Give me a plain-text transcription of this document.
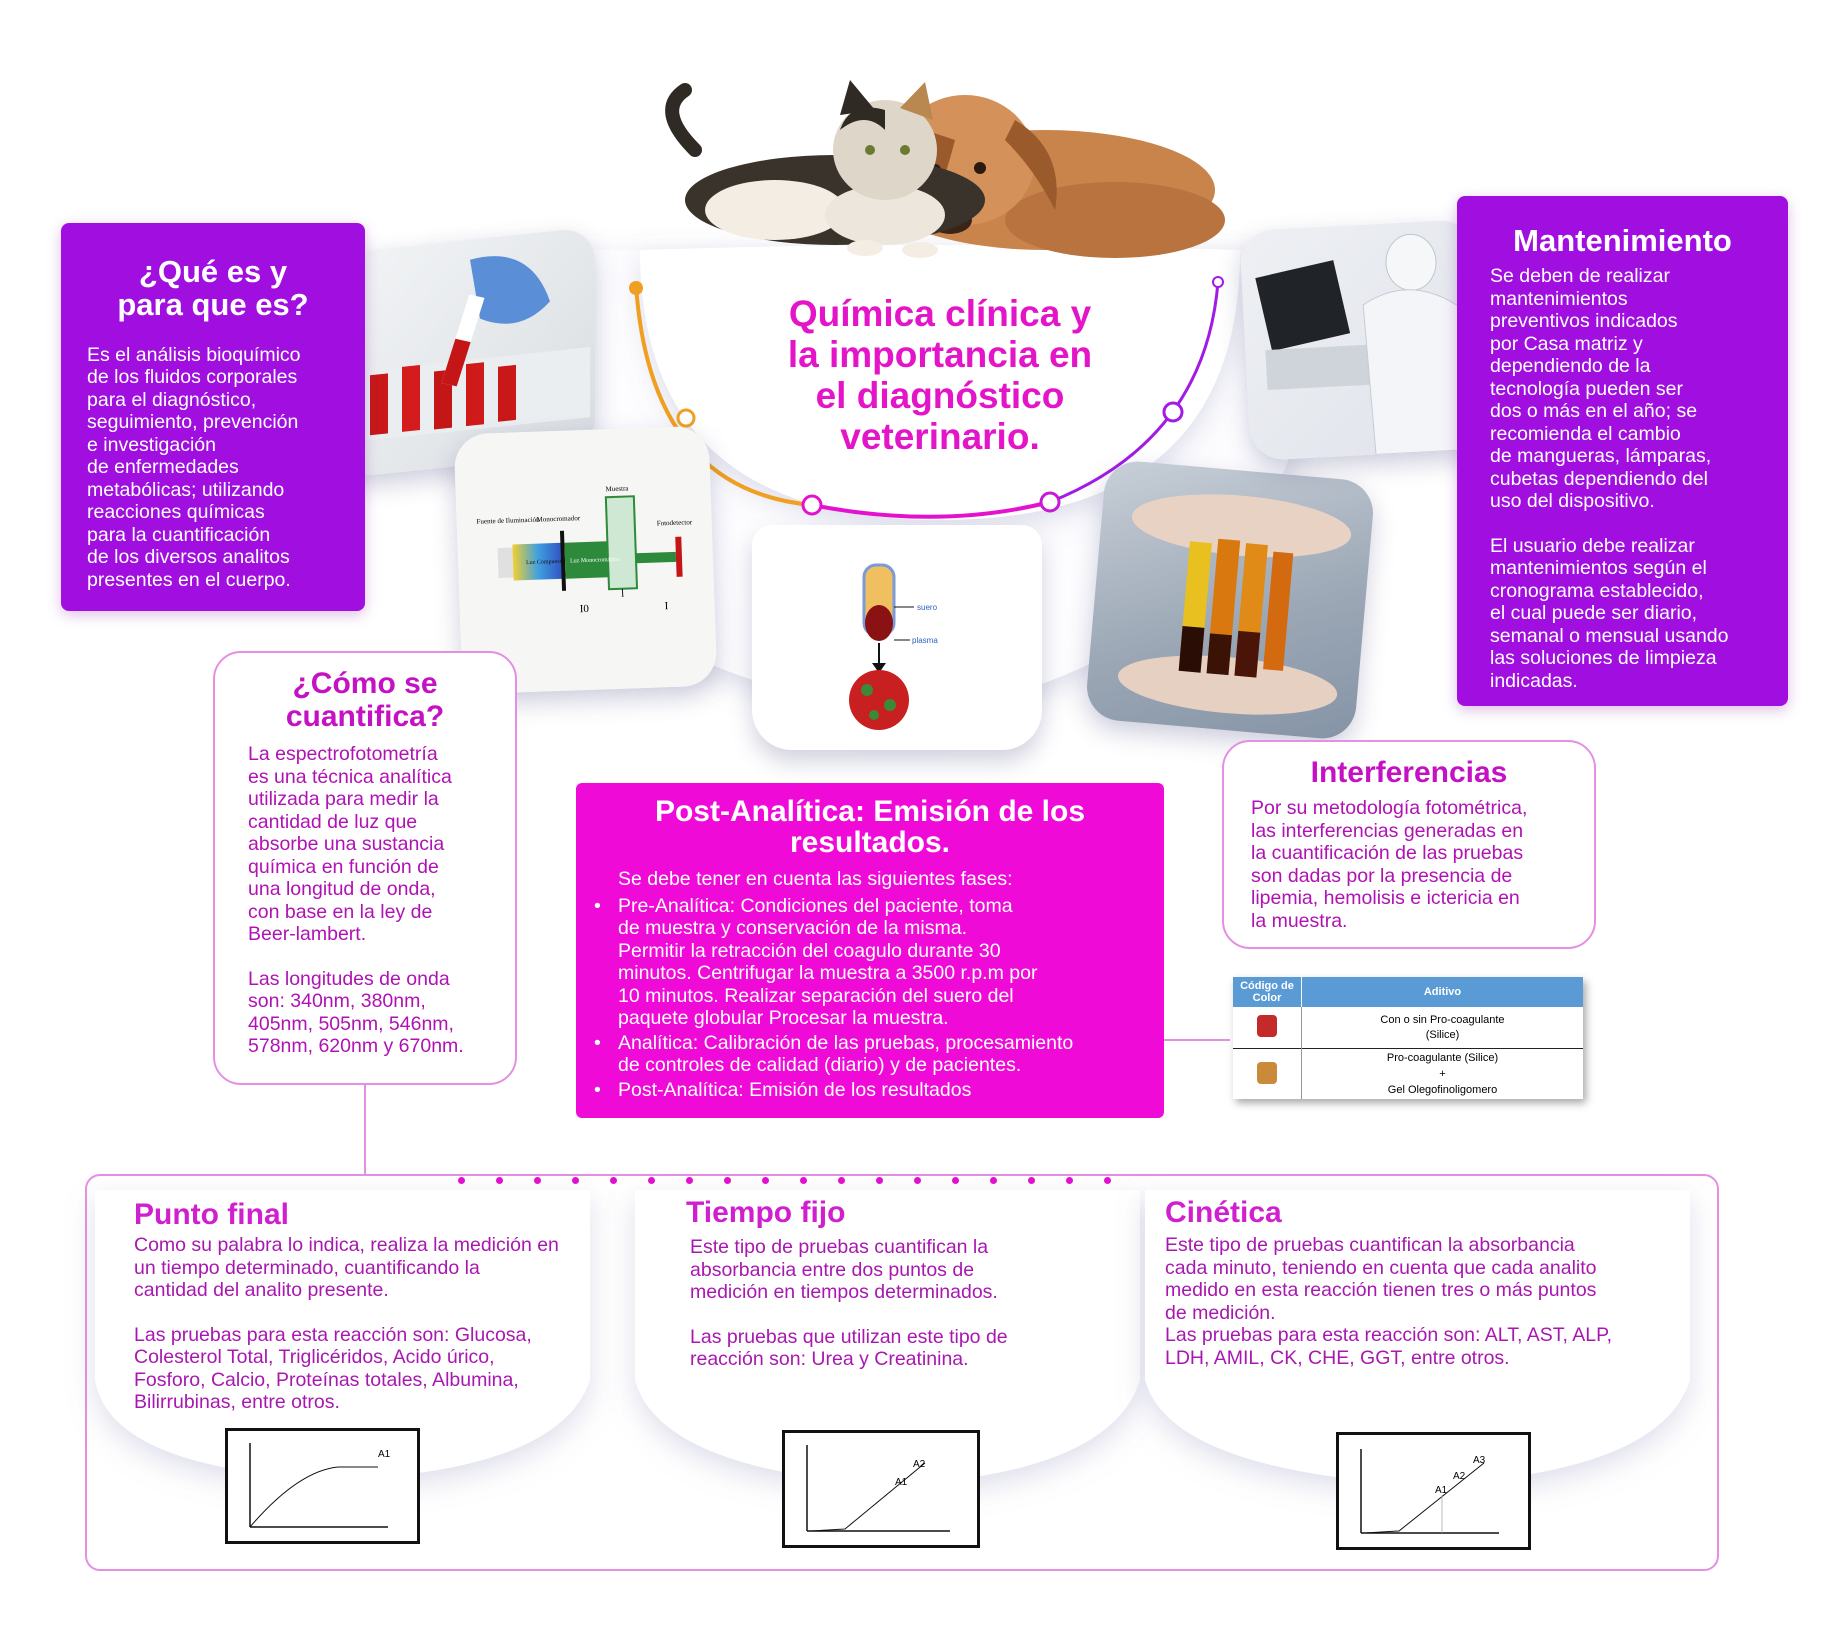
Química clínica y
la importancia en
el diagnóstico
veterinario.
Fuente de Iluminación
Monocromador
Muestra
Fotodetector
Luz Compuesta Luz Monocromática
I0
l
I	suero
plasma
¿Qué es y
para que es?

Es el análisis bioquímico
de los fluidos corporales
para el diagnóstico,
seguimiento, prevención
e investigación
de enfermedades
metabólicas; utilizando
reacciones químicas
para la cuantificación
de los diversos analitos
presentes en el cuerpo.

Mantenimiento

Se deben de realizar
mantenimientos
preventivos indicados
por Casa matriz y
dependiendo de la
tecnología pueden ser
dos o más en el año; se
recomienda el cambio
de mangueras, lámparas,
cubetas dependiendo del
uso del dispositivo.

El usuario debe realizar
mantenimientos según el
cronograma establecido,
el cual puede ser diario,
semanal o mensual usando
las soluciones de limpieza
indicadas.

¿Cómo se
cuantifica?

La espectrofotometría
es una técnica analítica
utilizada para medir la
cantidad de luz que
absorbe una sustancia
química en función de
una longitud de onda,
con base en la ley de
Beer-lambert.

Las longitudes de onda
son: 340nm, 380nm,
405nm, 505nm, 546nm,
578nm, 620nm y 670nm.

Post-Analítica: Emisión de los
resultados.

Se debe tener en cuenta las siguientes fases:

• Pre-Analítica: Condiciones del paciente, toma
de muestra y conservación de la misma.
Permitir la retracción del coagulo durante 30
minutos. Centrifugar la muestra a 3500 r.p.m por
10 minutos. Realizar separación del suero del
paquete globular Procesar la muestra.
• Analítica: Calibración de las pruebas, procesamiento
de controles de calidad (diario) y de pacientes.
• Post-Analítica: Emisión de los resultados
Interferencias

Por su metodología fotométrica,
las interferencias generadas en
la cuantificación de las pruebas
son dadas por la presencia de
lipemia, hemolisis e ictericia en
la muestra.

Código de Color	Aditivo

	Con o sin Pro-coagulante
(Silice)

	Pro-coagulante (Silice)
+
Gel Olegofinoligomero
Punto final

Como su palabra lo indica, realiza la medición en
un tiempo determinado, cuantificando la
cantidad del analito presente.

Las pruebas para esta reacción son: Glucosa,
Colesterol Total, Triglicéridos, Acido úrico,
Fosforo, Calcio, Proteínas totales, Albumina,
Bilirrubinas, entre otros.

Tiempo fijo

Este tipo de pruebas cuantifican la
absorbancia entre dos puntos de
medición en tiempos determinados.

Las pruebas que utilizan este tipo de
reacción son: Urea y Creatinina.

Cinética

Este tipo de pruebas cuantifican la absorbancia
cada minuto, teniendo en cuenta que cada analito
medido en esta reacción tienen tres o más puntos
de medición.
Las pruebas para esta reacción son: ALT, AST, ALP,
LDH, AMIL, CK, CHE, GGT, entre otros.

A1
A1
A2
A1
A2
A3
